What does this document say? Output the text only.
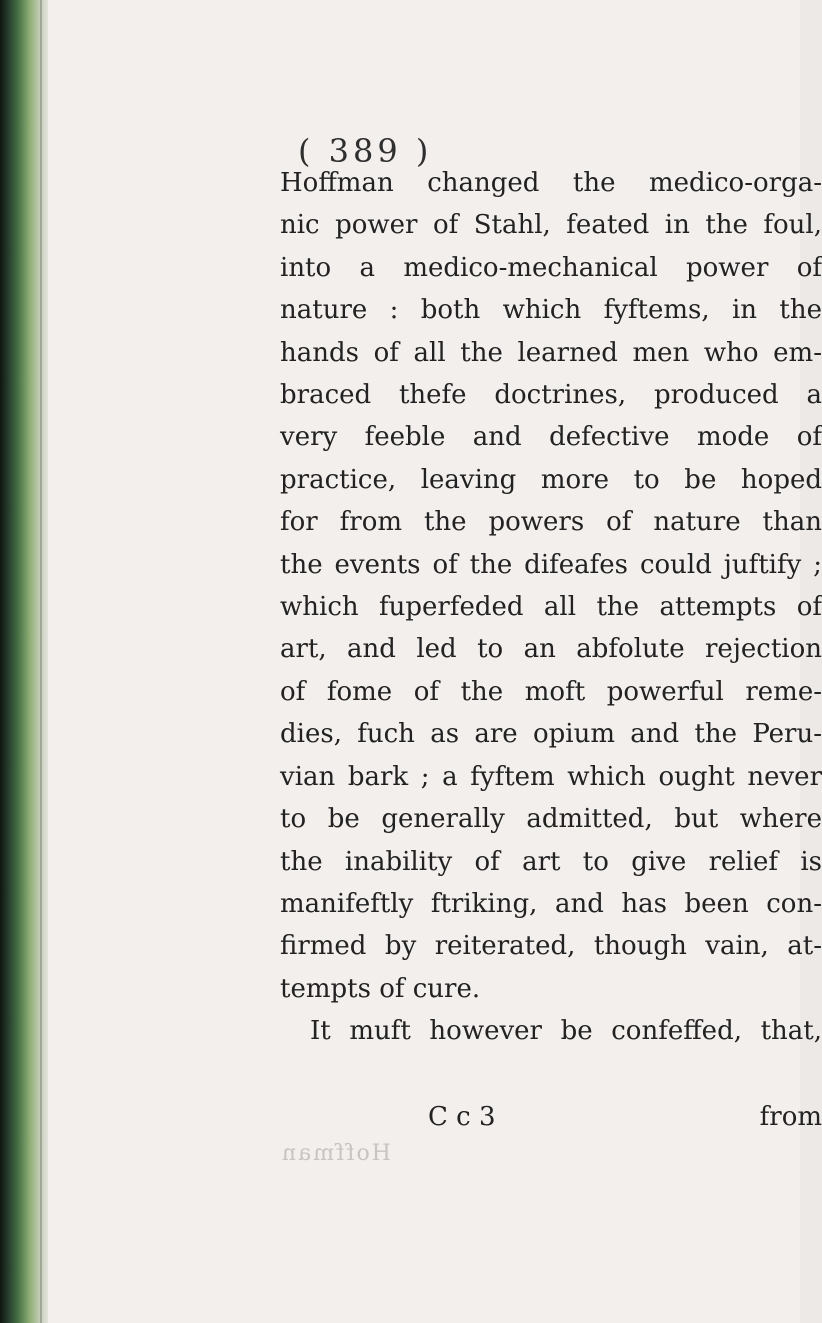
( 389 )
Hoffman changed the medico-orga-
nic power of Stahl, feated in the foul,
into a medico-mechanical power of
nature : both which fyftems, in the
hands of all the learned men who em-
braced thefe doctrines, produced a
very feeble and defective mode of
practice, leaving more to be hoped
for from the powers of nature than
the events of the difeafes could juftify ;
which fuperfeded all the attempts of
art, and led to an abfolute rejection
of fome of the moft powerful reme-
dies, fuch as are opium and the Peru-
vian bark ; a fyftem which ought never
to be generally admitted, but where
the inability of art to give relief is
manifeftly ftriking, and has been con-
firmed by reiterated, though vain, at-
tempts of cure.
It muft however be confeffed, that,
C c 3	from
Hoffman
